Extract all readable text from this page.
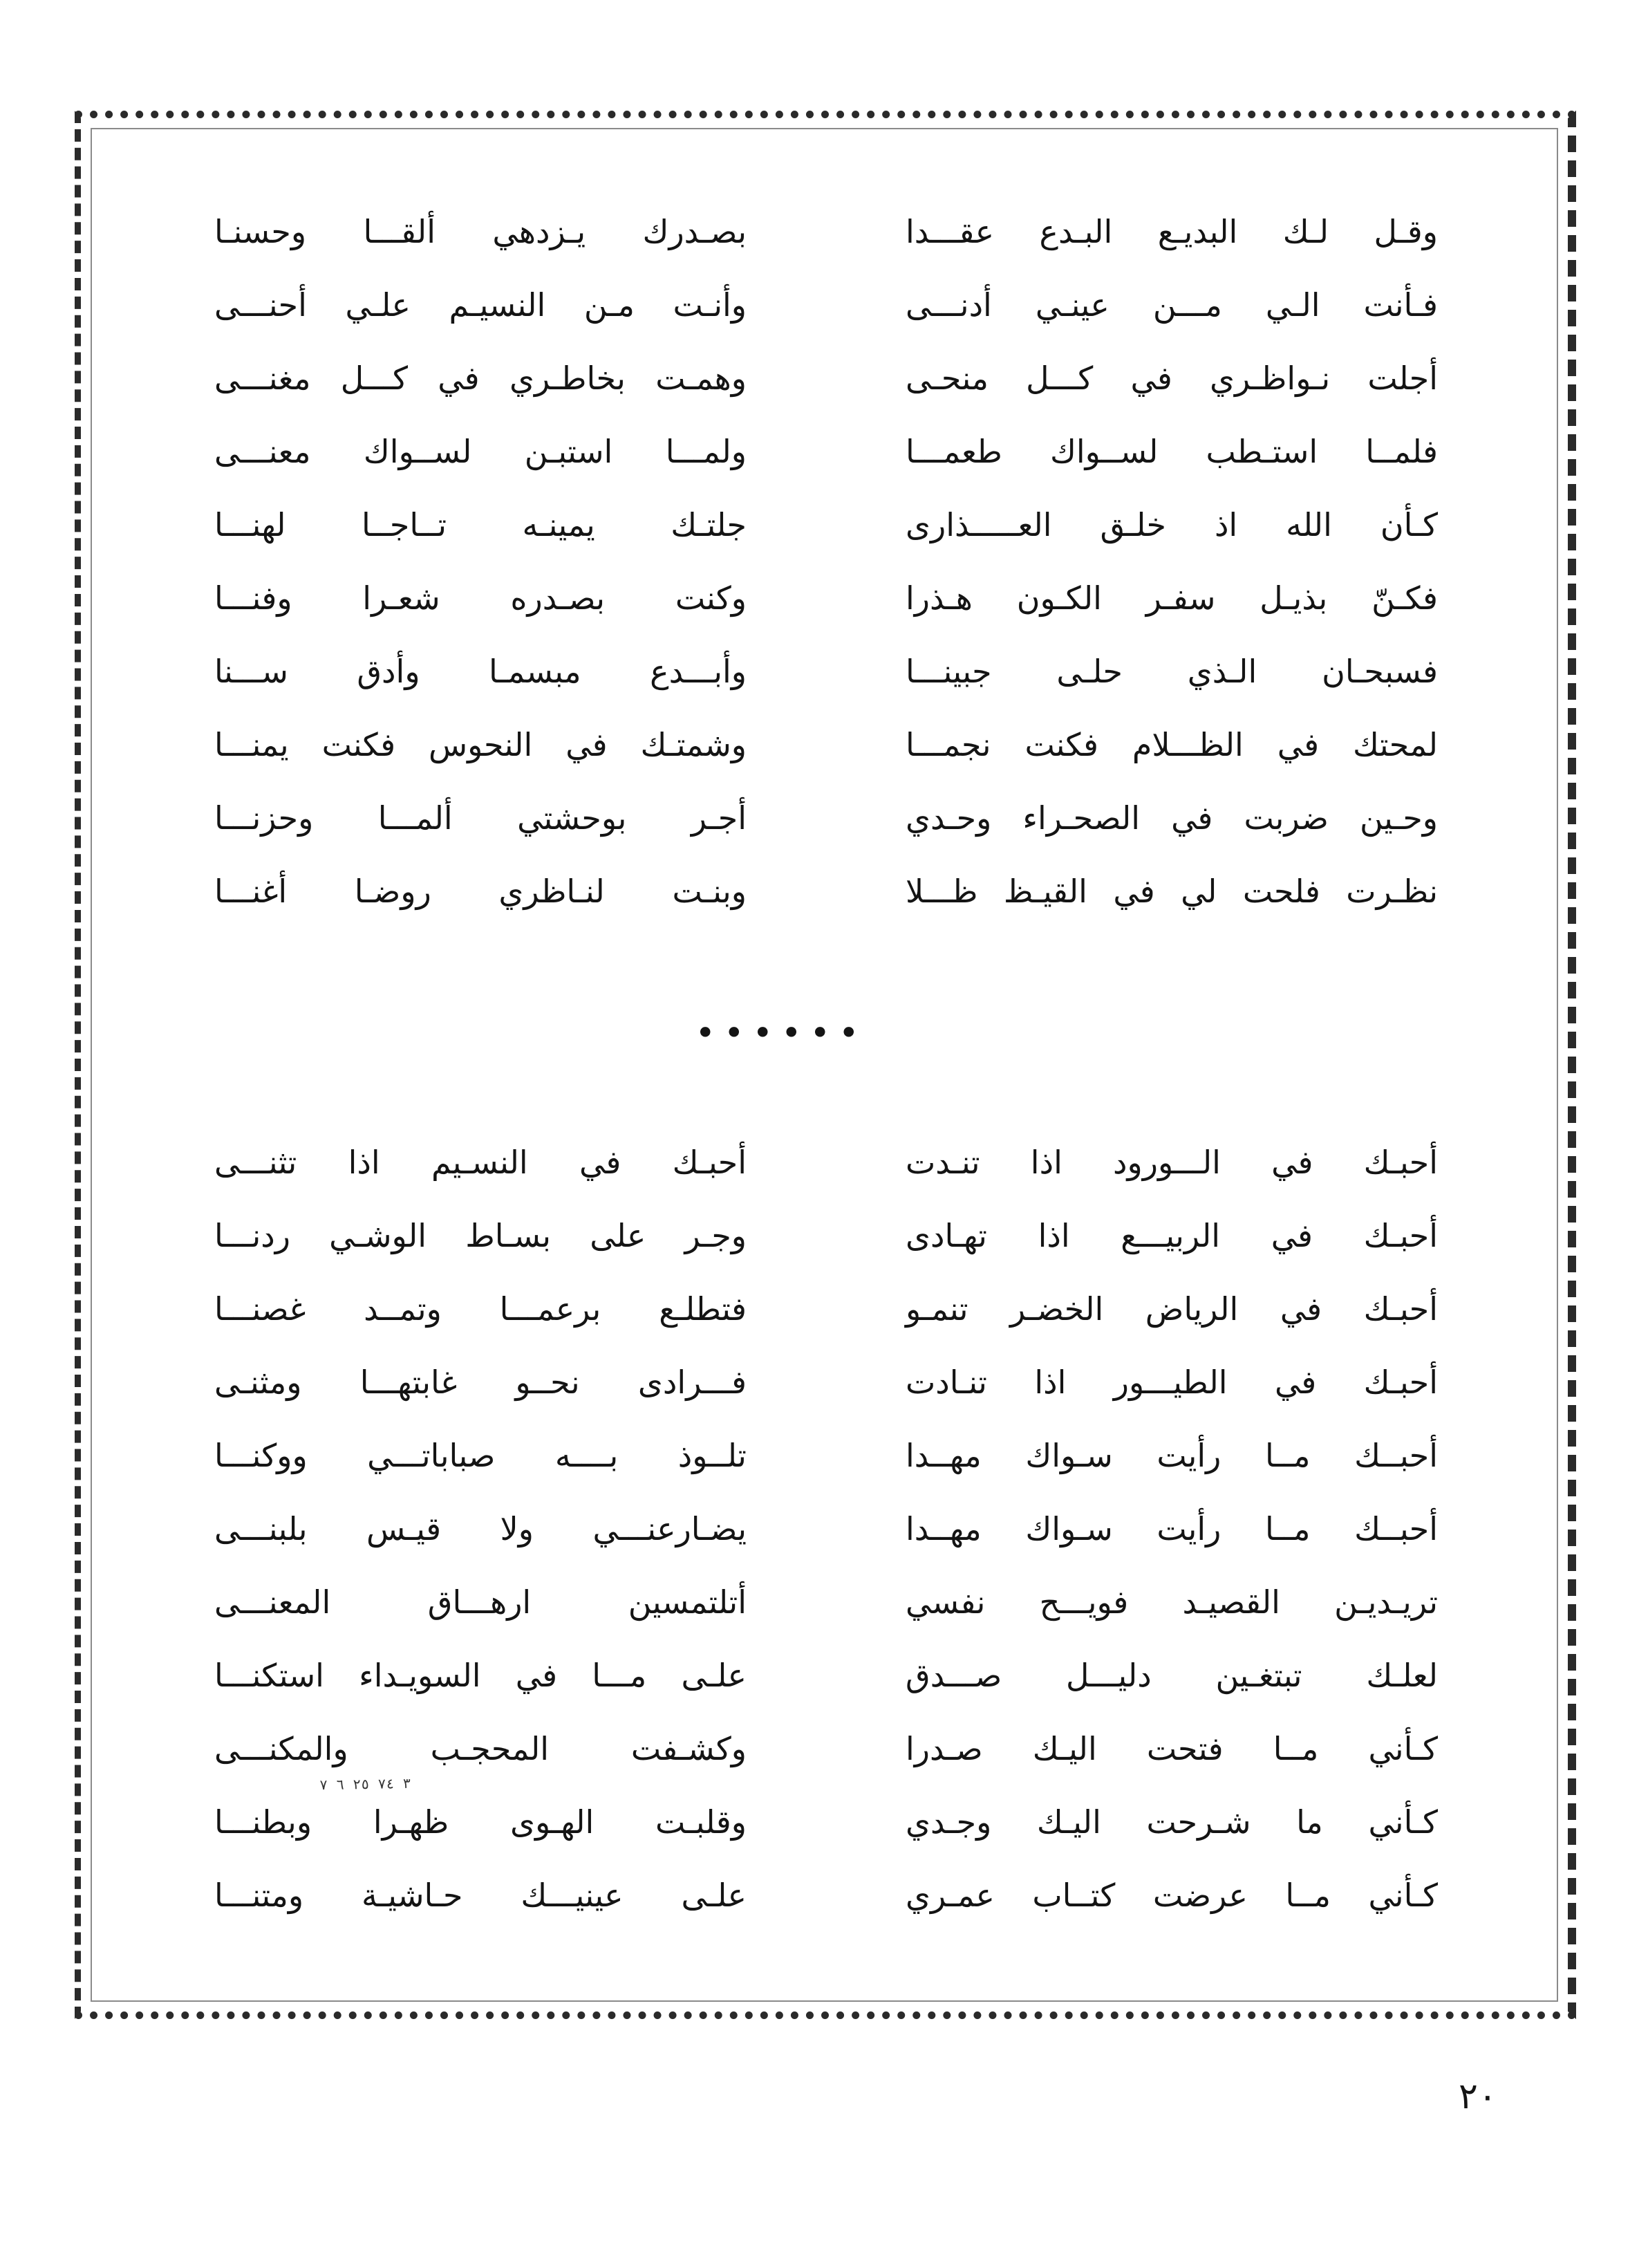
وقـل لـك البديـع البـدع عقـــدا
بصـدرك يـزدهي ألقـــا وحسنـا
فـأنت الـي مـــن عينـي أدنـــى
وأنـت مـن النسيـم علـي أحنـــى
أجلت نـواظـري في كـــل منحـى
وهمـت بخاطـري في كـــل مغنـــى
فلمــا استـطب لســواك طعمـــا
ولمـــا استبـن لســواك معنـــى
كـأن الله اذ خلـق العـــــذارى
جلتـك يمينـه تــاجــا لهنـــا
فكـنّ بذيـل سفـر الكـون هـذرا
وكنت بصـدره شعـرا وفنـــا
فسبحـان الـذي حلـى جبينـــا
وأبـــدع مبسمـا وأدق ســـنا
لمحتك في الظـــلام فكنت نجمـــا
وشمتـك في النحوس فكنت يمنـــا
وحـين ضربت في الصحـراء وحـدي
أجـر بوحشتي ألمـــا وحزنـــا
نظـرت فلحت لي في القيـظ ظـــلا
وبنـت لنـاظري روضـا أغنـــا
••••••
أحبـك في الـــورود اذا تنـدت
أحبـك في النسـيم اذا تثنـــى
أحبـك في الربيـــع اذا تهـادى
وجـر على بسـاط الوشـي ردنـــا
أحبـك في الرياض الخضـر تنمـو
فتطلـع برعمـــا وتمــد غصنـــا
أحبـك في الطيـــور اذا تنـادت
فـــرادى نحــو غابتهـــا ومثنـى
أحبــك مــا رأيت سـواك مهــدا
تلــوذ بــــه صباباتـــي ووكنـــا
أحبــك مــا رأيت سـواك مهــدا
يضـارعنـــي ولا قيـس بلبنـــى
تريـديـن القصيـد فويـــح نفسي
أتلتمسين ارهـــاق المعنـــى
لعلـك تبتغـين دليـــل صـــدق
علـى مـــا في السويـداء استكنـــا
كـأني مــا فتحت اليـك صـدرا
وكشـفت المحجـب والمكنـــى
كـأني ما شـرحت اليـك وجـدي
وقلبـت الهـوى ظهـرا وبطنـــا
كـأني مــا عرضت كتــاب عمـري
علـى عينيـــك حـاشيـة ومتنـــا
٣ ٧٤ ٢٥ ٦ ٧
٢٠
